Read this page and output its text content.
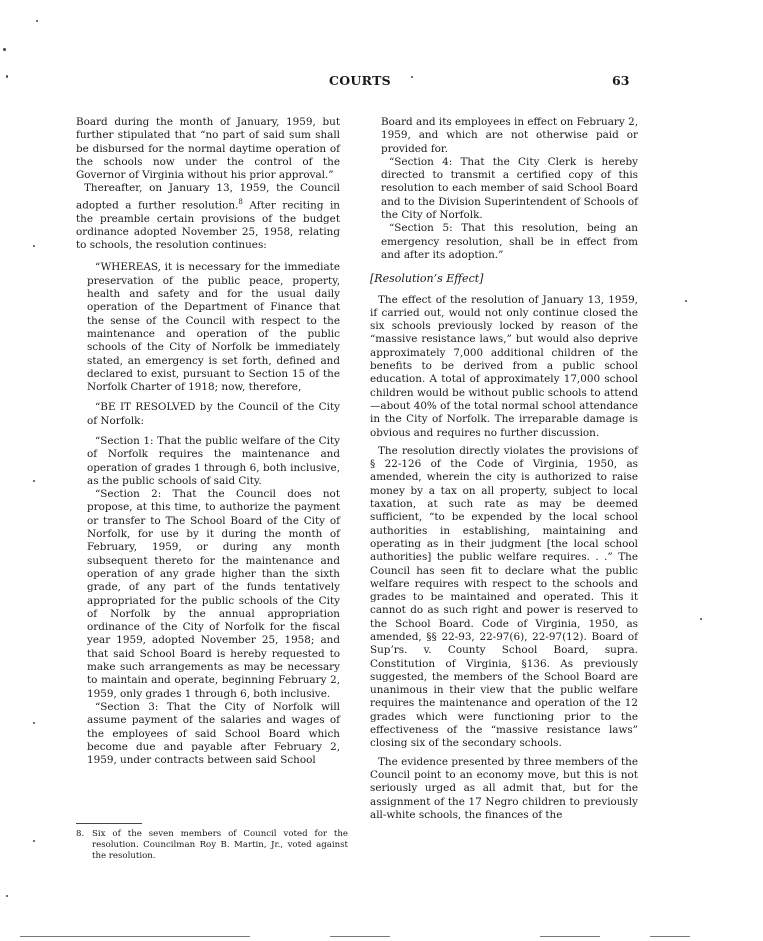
COURTS	63

Board during the month of January, 1959, but further stipulated that “no part of said sum shall be disbursed for the normal daytime operation of the schools now under the control of the Governor of Virginia without his prior approval.”

Thereafter, on January 13, 1959, the Council adopted a further resolution.$^8$ After reciting in the preamble certain provisions of the budget ordinance adopted November 25, 1958, relating to schools, the resolution continues:

“WHEREAS, it is necessary for the immediate preservation of the public peace, property, health and safety and for the usual daily operation of the Department of Finance that the sense of the Council with respect to the maintenance and operation of the public schools of the City of Norfolk be immediately stated, an emergency is set forth, defined and declared to exist, pursuant to Section 15 of the Norfolk Charter of 1918; now, therefore,

“BE IT RESOLVED by the Council of the City of Norfolk:

“Section 1: That the public welfare of the City of Norfolk requires the maintenance and operation of grades 1 through 6, both inclusive, as the public schools of said City.

“Section 2: That the Council does not propose, at this time, to authorize the payment or transfer to The School Board of the City of Norfolk, for use by it during the month of February, 1959, or during any month subsequent thereto for the maintenance and operation of any grade higher than the sixth grade, of any part of the funds tentatively appropriated for the public schools of the City of Norfolk by the annual appropriation ordinance of the City of Norfolk for the fiscal year 1959, adopted November 25, 1958; and that said School Board is hereby requested to make such arrangements as may be necessary to maintain and operate, beginning February 2, 1959, only grades 1 through 6, both inclusive.

“Section 3: That the City of Norfolk will assume payment of the salaries and wages of the employees of said School Board which become due and payable after February 2, 1959, under contracts between said School

Board and its employees in effect on February 2, 1959, and which are not otherwise paid or provided for.

“Section 4: That the City Clerk is hereby directed to transmit a certified copy of this resolution to each member of said School Board and to the Division Superintendent of Schools of the City of Norfolk.

“Section 5: That this resolution, being an emergency resolution, shall be in effect from and after its adoption.”

[Resolution’s Effect]

The effect of the resolution of January 13, 1959, if carried out, would not only continue closed the six schools previously locked by reason of the “massive resistance laws,” but would also deprive approximately 7,000 additional children of the benefits to be derived from a public school education. A total of approximately 17,000 school children would be without public schools to attend—about 40% of the total normal school attendance in the City of Norfolk. The irreparable damage is obvious and requires no further discussion.

The resolution directly violates the provisions of § 22-126 of the Code of Virginia, 1950, as amended, wherein the city is authorized to raise money by a tax on all property, subject to local taxation, at such rate as may be deemed sufficient, “to be expended by the local school authorities in establishing, maintaining and operating as in their judgment [the local school authorities] the public welfare requires. . .” The Council has seen fit to declare what the public welfare requires with respect to the schools and grades to be maintained and operated. This it cannot do as such right and power is reserved to the School Board. Code of Virginia, 1950, as amended, §§ 22-93, 22-97(6), 22-97(12). Board of Sup’rs. v. County School Board, supra. Constitution of Virginia, §136. As previously suggested, the members of the School Board are unanimous in their view that the public welfare requires the maintenance and operation of the 12 grades which were functioning prior to the effectiveness of the “massive resistance laws” closing six of the secondary schools.

The evidence presented by three members of the Council point to an economy move, but this is not seriously urged as all admit that, but for the assignment of the 17 Negro children to previously all-white schools, the finances of the

8. Six of the seven members of Council voted for the resolution. Councilman Roy B. Martin, Jr., voted against the resolution.
